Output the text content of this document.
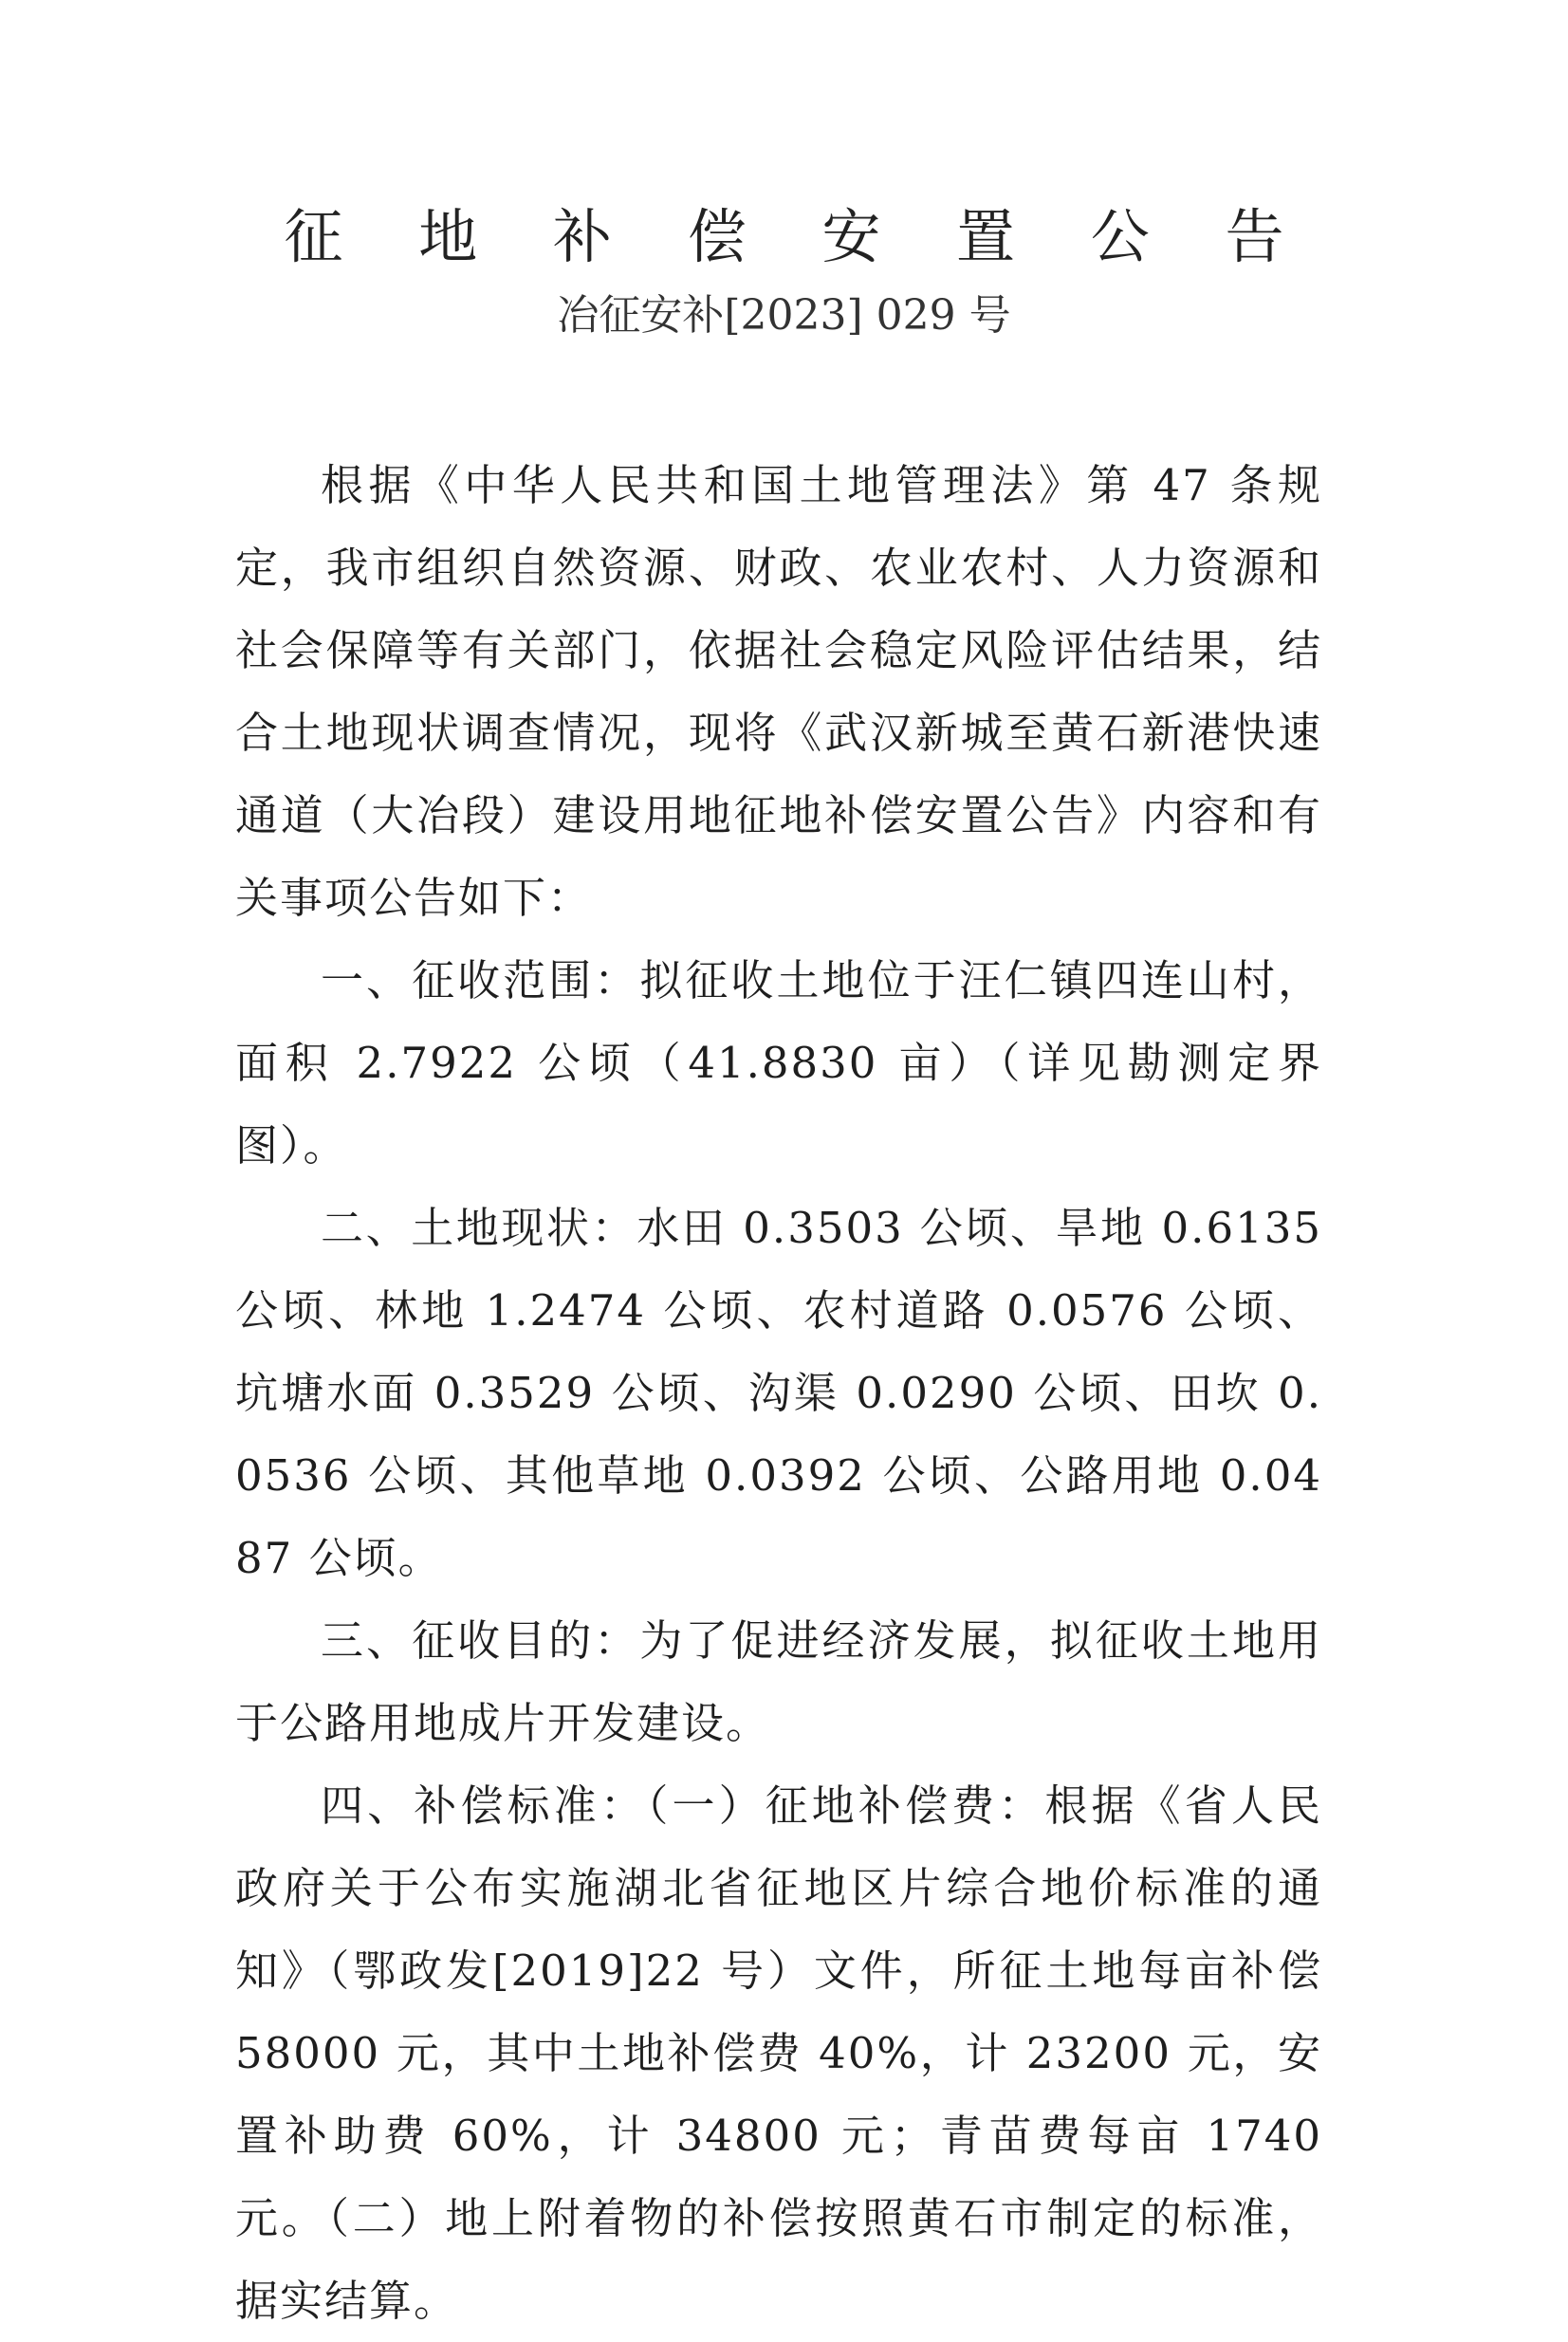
征 地 补 偿 安 置 公 告
冶征安补[2023] 029 号

根据《中华人民共和国土地管理法》第 47 条规定，我市组织自然资源、财政、农业农村、人力资源和社会保障等有关部门，依据社会稳定风险评估结果，结合土地现状调查情况，现将《武汉新城至黄石新港快速通道（大冶段）建设用地征地补偿安置公告》内容和有关事项公告如下：

一、征收范围：拟征收土地位于汪仁镇四连山村，面积 2.7922 公顷（41.8830 亩）（详见勘测定界图）。

二、土地现状：水田 0.3503 公顷、旱地 0.6135 公顷、林地 1.2474 公顷、农村道路 0.0576 公顷、坑塘水面 0.3529 公顷、沟渠 0.0290 公顷、田坎 0.0536 公顷、其他草地 0.0392 公顷、公路用地 0.0487 公顷。

三、征收目的：为了促进经济发展，拟征收土地用于公路用地成片开发建设。

四、补偿标准：（一）征地补偿费：根据《省人民政府关于公布实施湖北省征地区片综合地价标准的通知》（鄂政发[2019]22 号）文件，所征土地每亩补偿 58000 元，其中土地补偿费 40%，计 23200 元，安置补助费 60%，计 34800 元；青苗费每亩 1740 元。（二）地上附着物的补偿按照黄石市制定的标准，据实结算。
